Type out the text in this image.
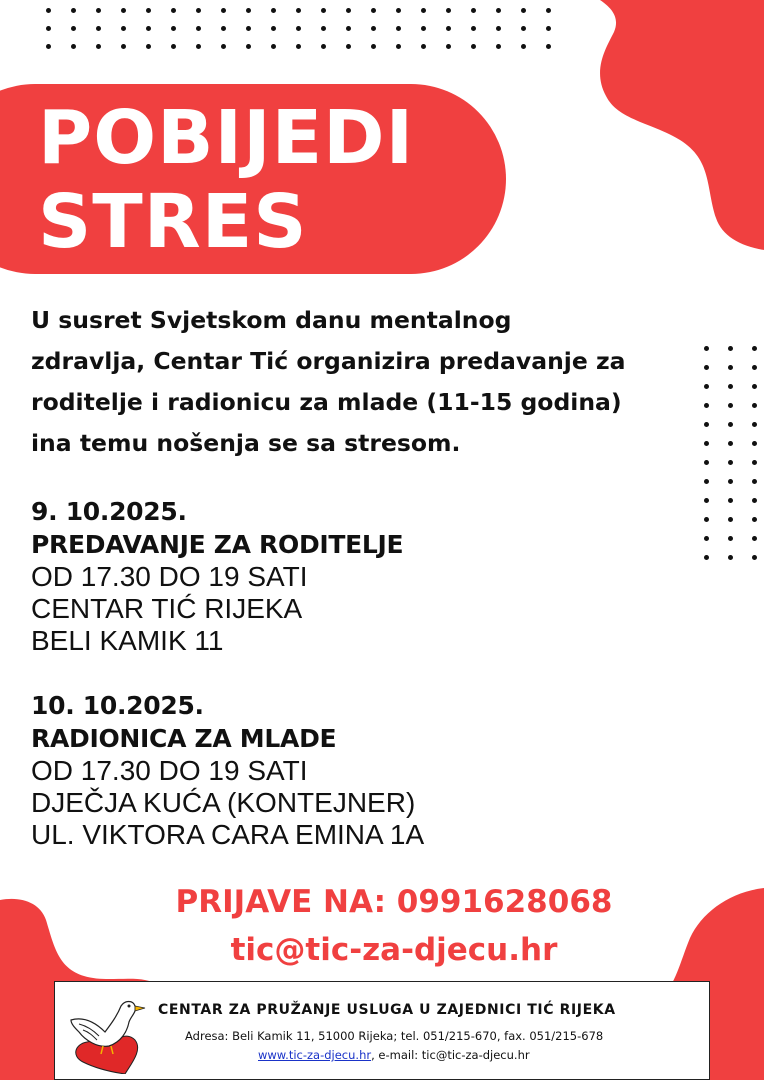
POBIJEDI
STRES

U susret Svjetskom danu mentalnog
zdravlja, Centar Tić organizira predavanje za
roditelje i radionicu za mlade (11-15 godina)
ina temu nošenja se sa stresom.

9. 10.2025.

PREDAVANJE ZA RODITELJE

OD 17.30 DO 19 SATI

CENTAR TIĆ RIJEKA

BELI KAMIK 11

10. 10.2025.

RADIONICA ZA MLADE

OD 17.30 DO 19 SATI

DJEČJA KUĆA (KONTEJNER)

UL. VIKTORA CARA EMINA 1A

PRIJAVE NA: 0991628068

tic@tic-za-djecu.hr

CENTAR ZA PRUŽANJE USLUGA U ZAJEDNICI TIĆ RIJEKA

Adresa: Beli Kamik 11, 51000 Rijeka; tel. 051/215-670, fax. 051/215-678

www.tic-za-djecu.hr, e-mail: tic@tic-za-djecu.hr
